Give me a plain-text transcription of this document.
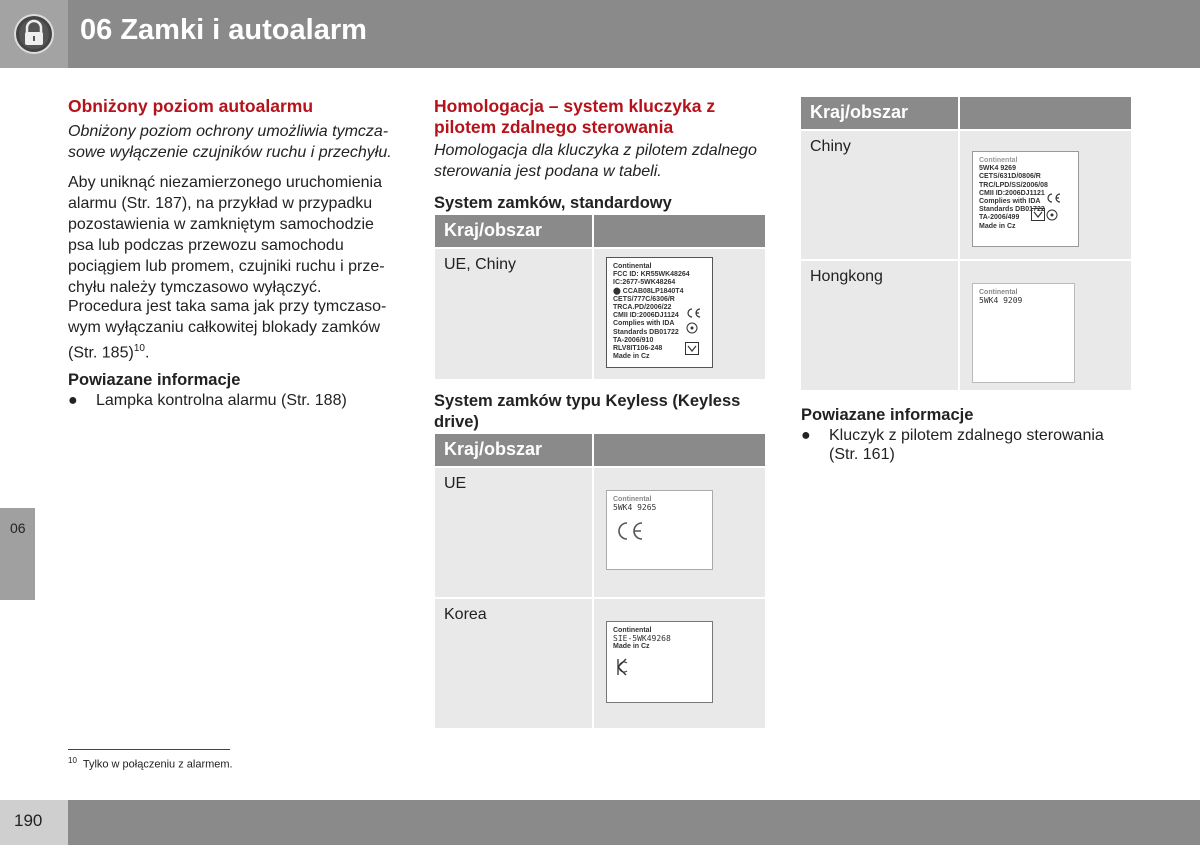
06 Zamki i autoalarm
06
Obniżony poziom autoalarmu
Obniżony poziom ochrony umożliwia tymcza-sowe wyłączenie czujników ruchu i przechyłu.
Aby uniknąć niezamierzonego uruchomienia alarmu (Str. 187), na przykład w przypadku pozostawienia w zamkniętym samochodzie psa lub podczas przewozu samochodu pociągiem lub promem, czujniki ruchu i prze-chyłu należy tymczasowo wyłączyć.
Procedura jest taka sama jak przy tymczaso-wym wyłączaniu całkowitej blokady zamków (Str. 185)$^{10}$.
Powiazane informacje
●	Lampka kontrolna alarmu (Str. 188)
Homologacja – system kluczyka z pilotem zdalnego sterowania
Homologacja dla kluczyka z pilotem zdalnego sterowania jest podana w tabeli.
System zamków, standardowy
Kraj/obszar
UE, Chiny	Continental
FCC ID: KR55WK48264
IC:2677-5WK48264
⬤ CCAB08LP1840T4
CETS/777C/6306/R
TRCA.PD/2006/22
CMII ID:2006DJ1124
Complies with IDA
Standards DB01722
TA-2006/910
RLV8IT106-248
Made in Cz
System zamków typu Keyless (Keyless drive)
Kraj/obszar
UE
Continental
5WK4 9265
Korea
Continental
SIE-5WK49268
Made in Cz
Kraj/obszar
Chiny
Continental
5WK4 9269
CETS/631D/0806/R
TRC/LPD/SS/2006/08
CMII ID:2006DJ1121
Complies with IDA
Standards DB01722
TA-2006/499
Made in Cz
Hongkong
Continental
5WK4 9209
Powiazane informacje
●	Kluczyk z pilotem zdalnego sterowania (Str. 161)
$^{10}$ Tylko w połączeniu z alarmem.
190
